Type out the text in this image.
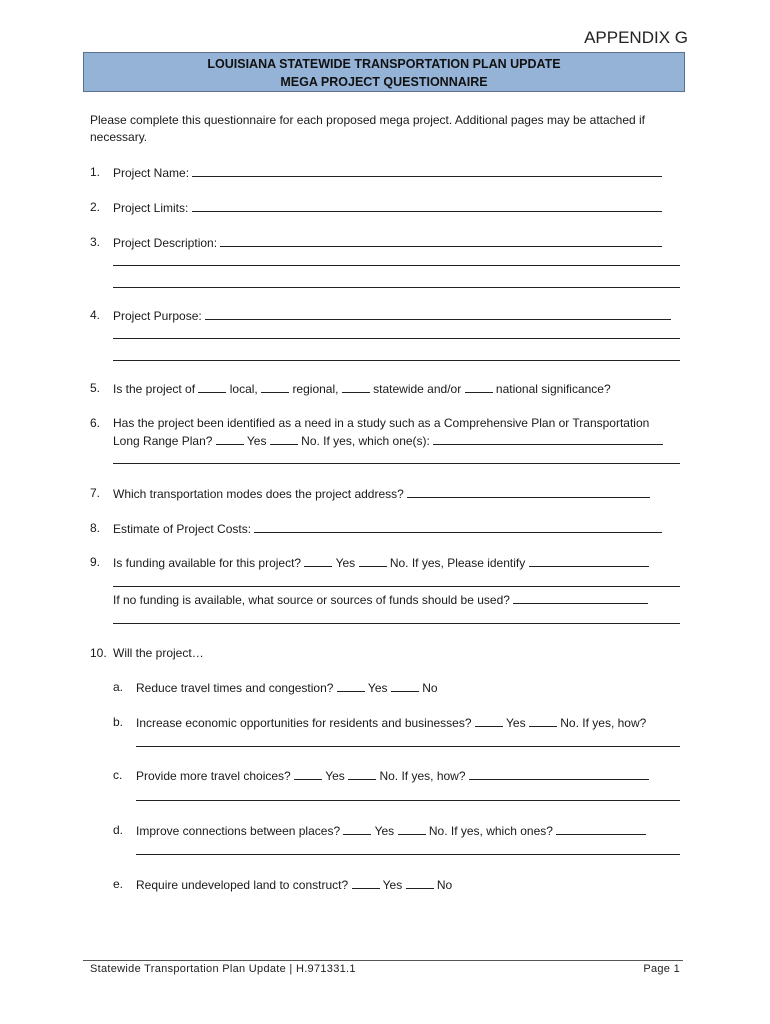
APPENDIX G
LOUISIANA STATEWIDE TRANSPORTATION PLAN UPDATE
MEGA PROJECT QUESTIONNAIRE
Please complete this questionnaire for each proposed mega project. Additional pages may be attached if necessary.
1.	Project Name:
2.	Project Limits:
3.	Project Description:
4.	Project Purpose:
5.	Is the project of	local,	regional,	statewide and/or	national significance?
6.	Has the project been identified as a need in a study such as a Comprehensive Plan or Transportation
Long Range Plan?	Yes	No. If yes, which one(s):
7.	Which transportation modes does the project address?
8.	Estimate of Project Costs:
9.	Is funding available for this project?	Yes	No. If yes, Please identify
If no funding is available, what source or sources of funds should be used?
10. Will the project…
a. Reduce travel times and congestion?	Yes	No
b. Increase economic opportunities for residents and businesses?	Yes	No. If yes, how?
c. Provide more travel choices?	Yes	No. If yes, how?
d. Improve connections between places?	Yes	No. If yes, which ones?
e. Require undeveloped land to construct?	Yes	No
Statewide Transportation Plan Update | H.971331.1	Page 1
